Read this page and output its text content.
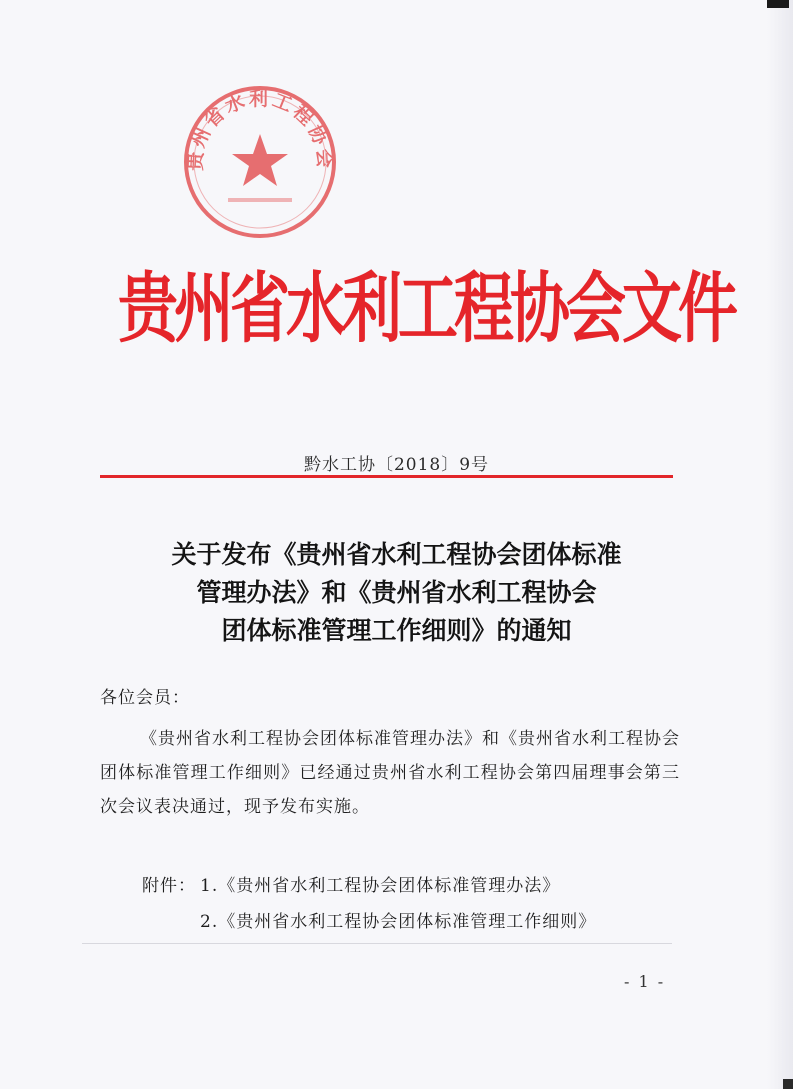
贵州省水利工程协会
贵州省水利工程协会文件
黔水工协〔2018〕9号
关于发布《贵州省水利工程协会团体标准
管理办法》和《贵州省水利工程协会
团体标准管理工作细则》的通知
各位会员：

《贵州省水利工程协会团体标准管理办法》和《贵州省水利工程协会团体标准管理工作细则》已经通过贵州省水利工程协会第四届理事会第三次会议表决通过，现予发布实施。

附件： 1.《贵州省水利工程协会团体标准管理办法》
2.《贵州省水利工程协会团体标准管理工作细则》
- 1 -
